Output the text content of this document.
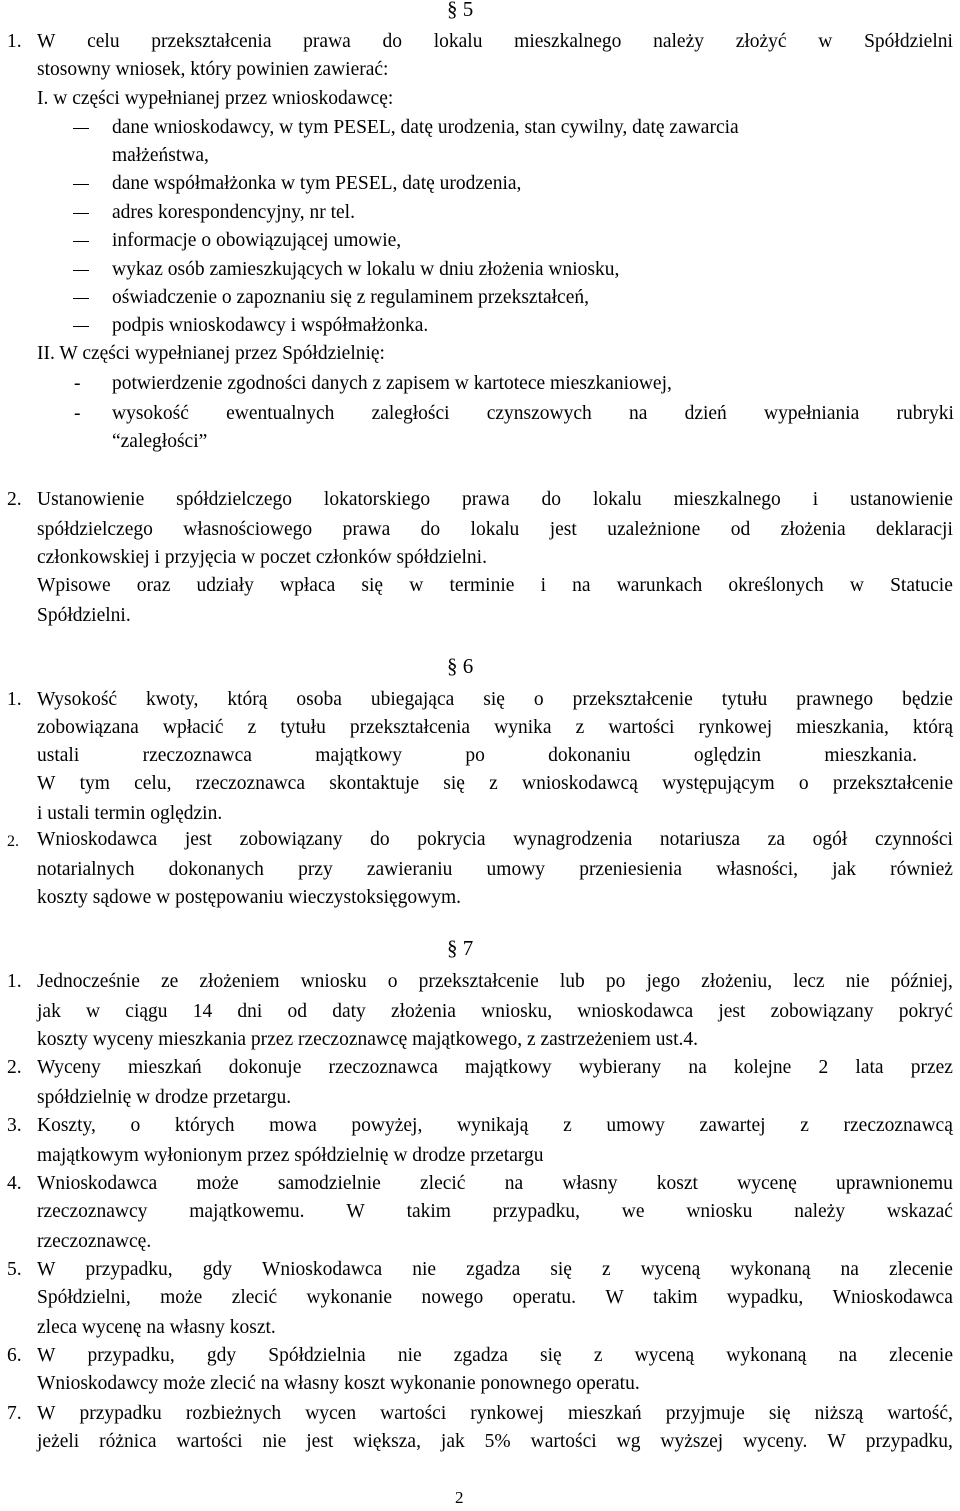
§ 5
1. W celu przekształcenia prawa do lokalu mieszkalnego należy złożyć w Spółdzielni
stosowny wniosek, który powinien zawierać:
I. w części wypełnianej przez wnioskodawcę:
dane wnioskodawcy, w tym PESEL, datę urodzenia, stan cywilny, datę zawarcia
małżeństwa,
dane współmałżonka w tym PESEL, datę urodzenia,
adres korespondencyjny, nr tel.
informacje o obowiązującej umowie,
wykaz osób zamieszkujących w lokalu w dniu złożenia wniosku,
oświadczenie o zapoznaniu się z regulaminem przekształceń,
podpis wnioskodawcy i współmałżonka.
II. W części wypełnianej przez Spółdzielnię:
- potwierdzenie zgodności danych z zapisem w kartotece mieszkaniowej,
- wysokość ewentualnych zaległości czynszowych na dzień wypełniania rubryki
“zaległości”
2. Ustanowienie spółdzielczego lokatorskiego prawa do lokalu mieszkalnego i ustanowienie
spółdzielczego własnościowego prawa do lokalu jest uzależnione od złożenia deklaracji
członkowskiej i przyjęcia w poczet członków spółdzielni.
Wpisowe oraz udziały wpłaca się w terminie i na warunkach określonych w Statucie
Spółdzielni.
§ 6
1. Wysokość kwoty, którą osoba ubiegająca się o przekształcenie tytułu prawnego będzie
zobowiązana wpłacić z tytułu przekształcenia wynika z wartości rynkowej mieszkania, którą
ustali	rzeczoznawca	majątkowy	po	dokonaniu	oględzin	mieszkania.
W tym celu, rzeczoznawca skontaktuje się z wnioskodawcą występującym o przekształcenie
i ustali termin oględzin.
2. Wnioskodawca jest zobowiązany do pokrycia wynagrodzenia notariusza za ogół czynności
notarialnych dokonanych przy zawieraniu umowy przeniesienia własności, jak również
koszty sądowe w postępowaniu wieczystoksięgowym.
§ 7
1. Jednocześnie ze złożeniem wniosku o przekształcenie lub po jego złożeniu, lecz nie później,
jak w ciągu 14 dni od daty złożenia wniosku, wnioskodawca jest zobowiązany pokryć
koszty wyceny mieszkania przez rzeczoznawcę majątkowego, z zastrzeżeniem ust.4.
2. Wyceny mieszkań dokonuje rzeczoznawca majątkowy wybierany na kolejne 2 lata przez
spółdzielnię w drodze przetargu.
3. Koszty, o których mowa powyżej, wynikają z umowy zawartej z rzeczoznawcą
majątkowym wyłonionym przez spółdzielnię w drodze przetargu
4. Wnioskodawca może samodzielnie zlecić na własny koszt wycenę uprawnionemu
rzeczoznawcy majątkowemu. W takim przypadku, we wniosku należy wskazać
rzeczoznawcę.
5. W przypadku, gdy Wnioskodawca nie zgadza się z wyceną wykonaną na zlecenie
Spółdzielni, może zlecić wykonanie nowego operatu. W takim wypadku, Wnioskodawca
zleca wycenę na własny koszt.
6. W przypadku, gdy Spółdzielnia nie zgadza się z wyceną wykonaną na zlecenie
Wnioskodawcy może zlecić na własny koszt wykonanie ponownego operatu.
7. W przypadku rozbieżnych wycen wartości rynkowej mieszkań przyjmuje się niższą wartość,
jeżeli różnica wartości nie jest większa, jak 5% wartości wg wyższej wyceny. W przypadku,
2
